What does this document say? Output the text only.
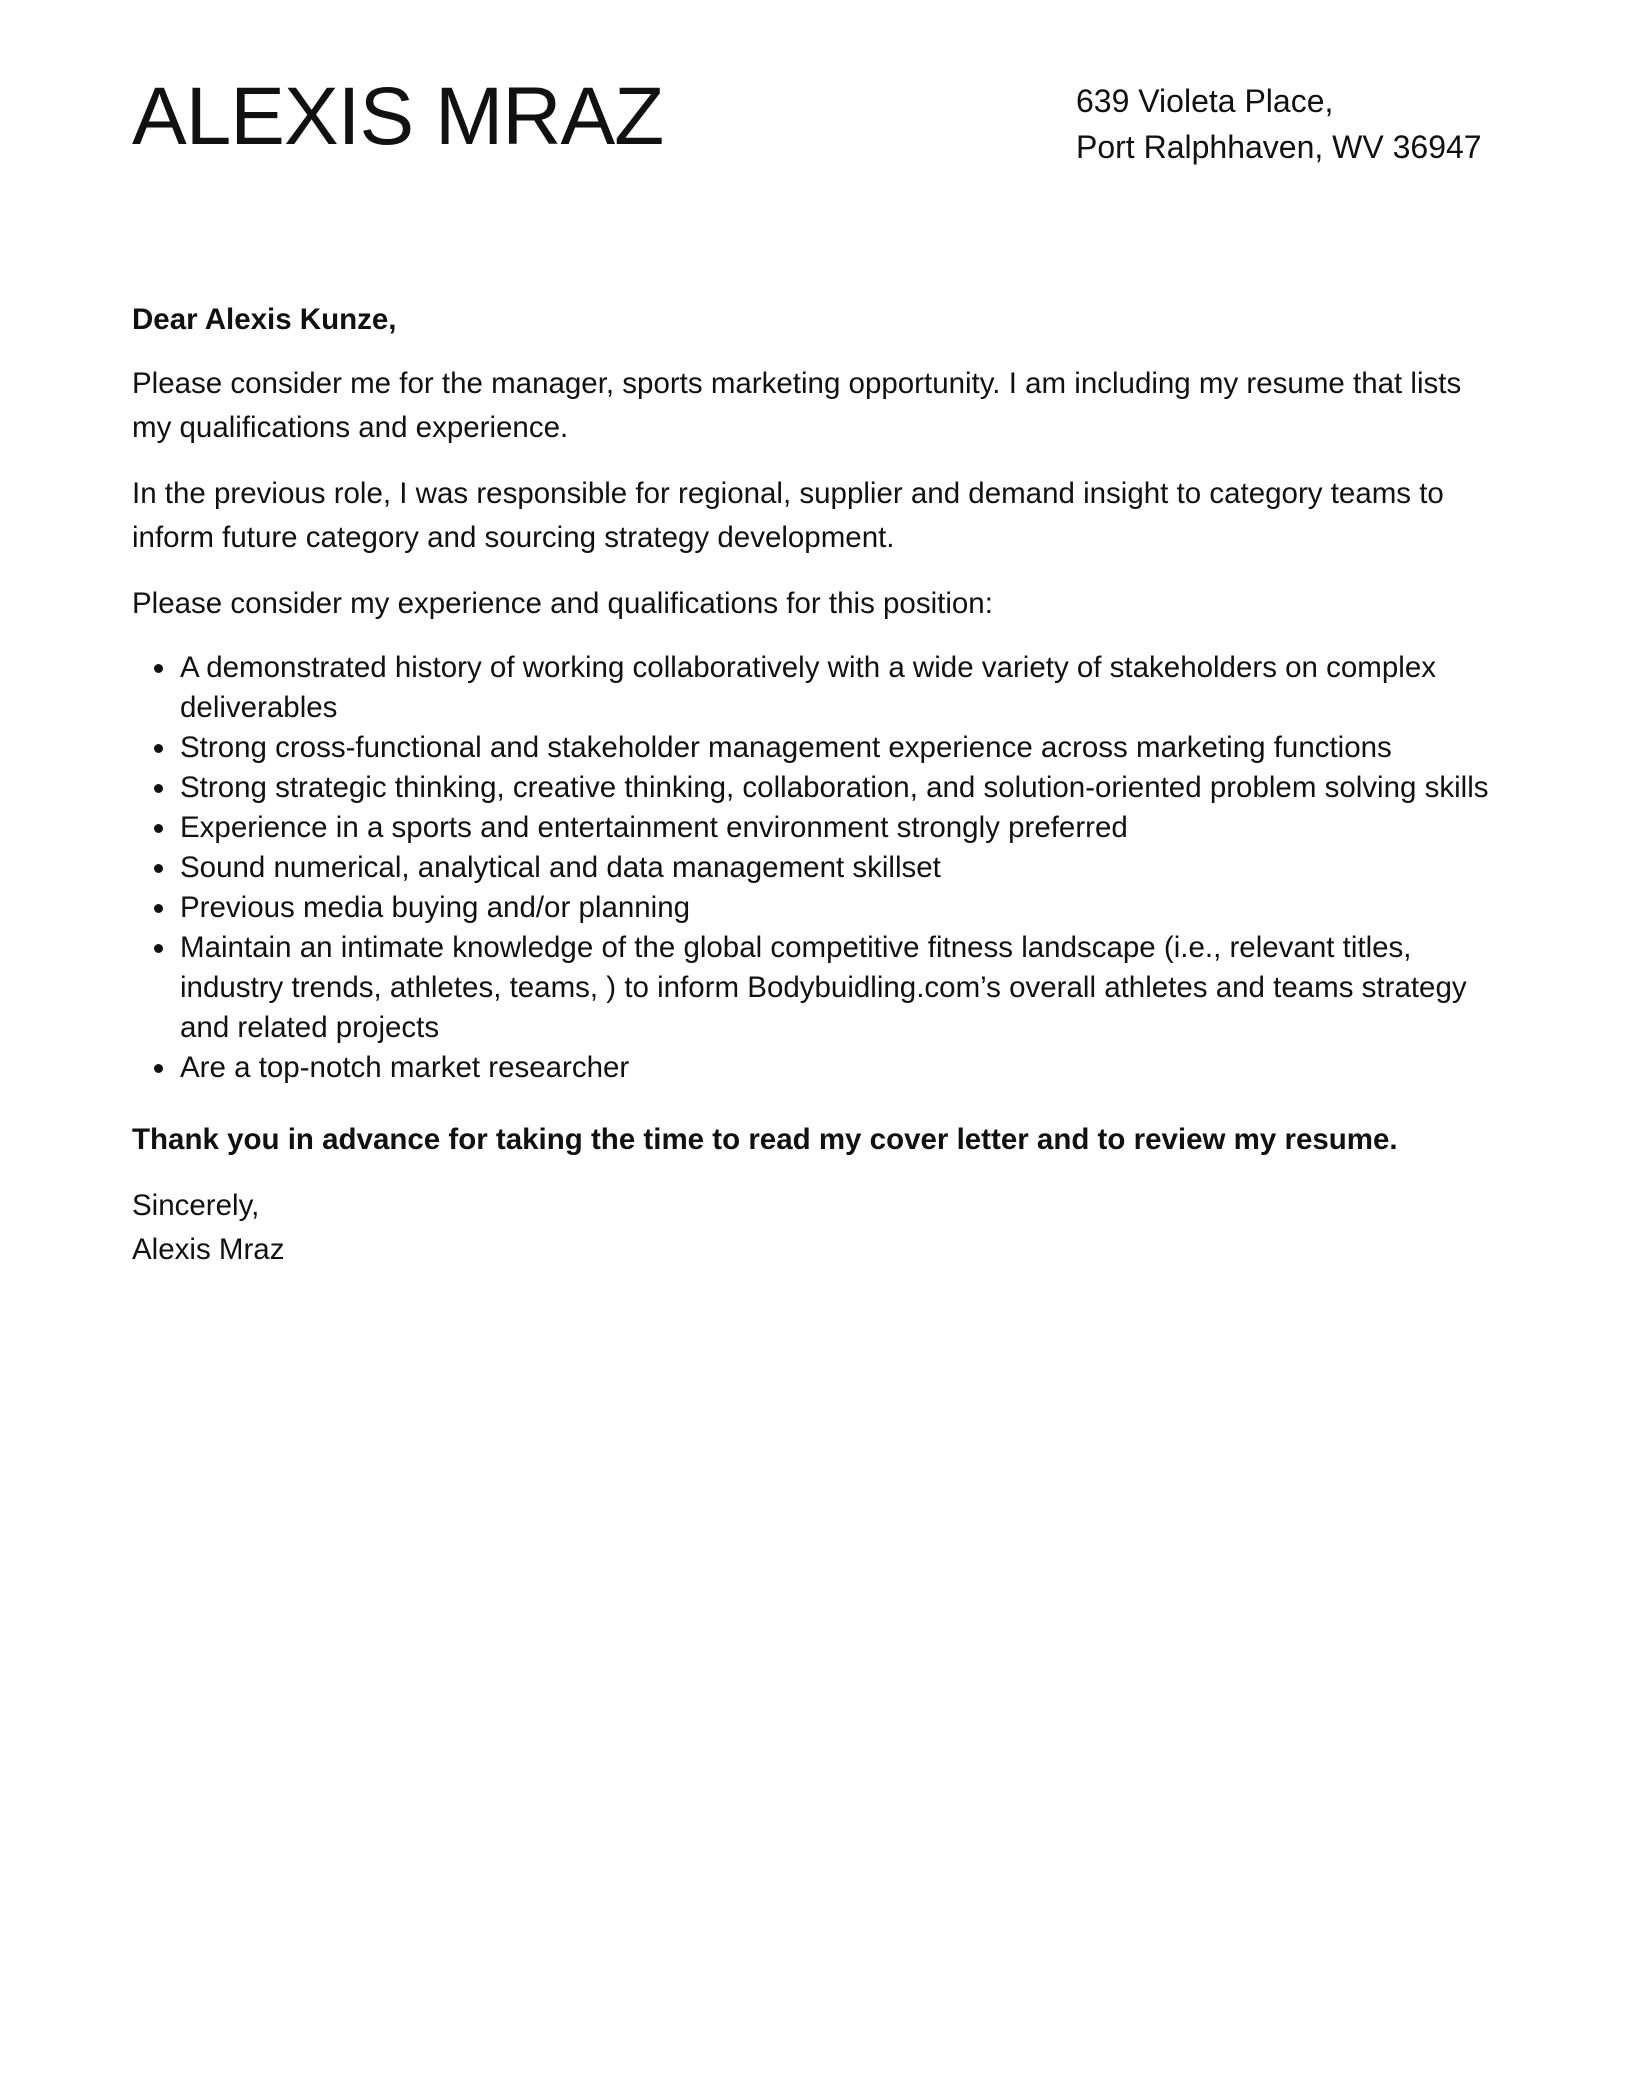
ALEXIS MRAZ	639 Violeta Place,
Port Ralphhaven, WV 36947

Dear Alexis Kunze,

Please consider me for the manager, sports marketing opportunity. I am including my resume that lists my qualifications and experience.

In the previous role, I was responsible for regional, supplier and demand insight to category teams to inform future category and sourcing strategy development.

Please consider my experience and qualifications for this position:

A demonstrated history of working collaboratively with a wide variety of stakeholders on complex deliverables
Strong cross-functional and stakeholder management experience across marketing functions
Strong strategic thinking, creative thinking, collaboration, and solution-oriented problem solving skills
Experience in a sports and entertainment environment strongly preferred
Sound numerical, analytical and data management skillset
Previous media buying and/or planning
Maintain an intimate knowledge of the global competitive fitness landscape (i.e., relevant titles, industry trends, athletes, teams, ) to inform Bodybuidling.com’s overall athletes and teams strategy and related projects
Are a top-notch market researcher

Thank you in advance for taking the time to read my cover letter and to review my resume.

Sincerely,
Alexis Mraz
